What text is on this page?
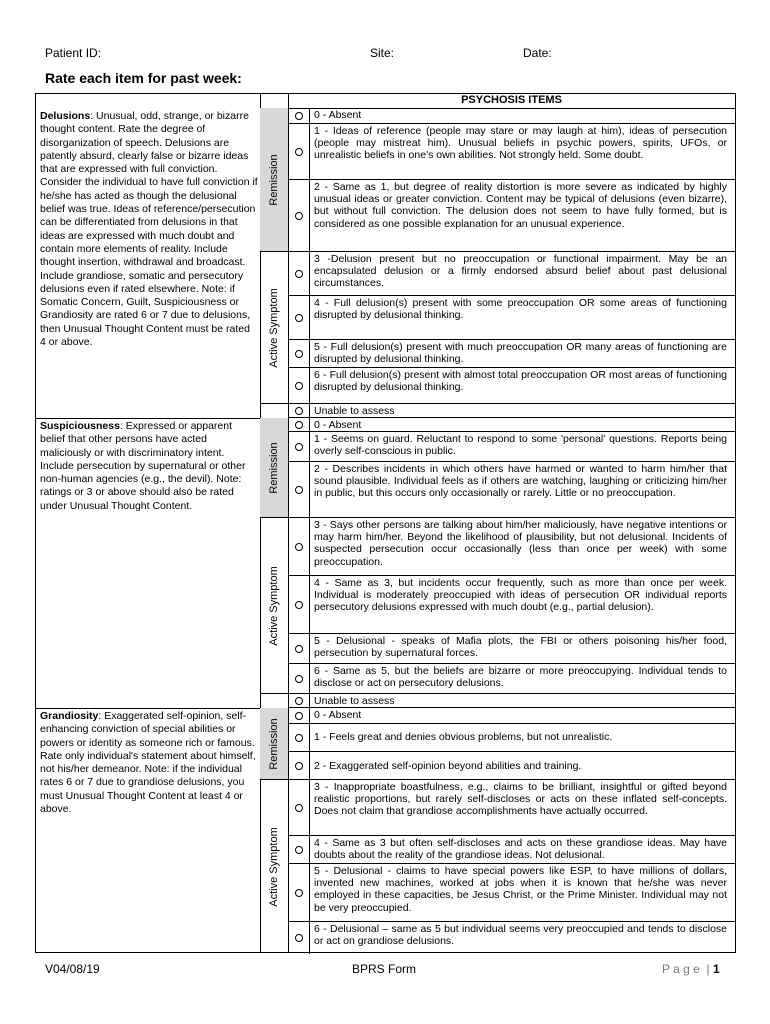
Patient ID:	Site:	Date:
Rate each item for past week:
PSYCHOSIS ITEMS
Delusions: Unusual, odd, strange, or bizarre thought content. Rate the degree of disorganization of speech. Delusions are patently absurd, clearly false or bizarre ideas that are expressed with full conviction. Consider the individual to have full conviction if he/she has acted as though the delusional belief was true. Ideas of reference/persecution can be differentiated from delusions in that ideas are expressed with much doubt and contain more elements of reality. Include thought insertion, withdrawal and broadcast. Include grandiose, somatic and persecutory delusions even if rated elsewhere. Note: if Somatic Concern, Guilt, Suspiciousness or Grandiosity are rated 6 or 7 due to delusions, then Unusual Thought Content must be rated 4 or above.
Remission
Active Symptom
0 - Absent
1 - Ideas of reference (people may stare or may laugh at him), ideas of persecution (people may mistreat him). Unusual beliefs in psychic powers, spirits, UFOs, or unrealistic beliefs in one's own abilities. Not strongly held. Some doubt.
2 - Same as 1, but degree of reality distortion is more severe as indicated by highly unusual ideas or greater conviction. Content may be typical of delusions (even bizarre), but without full conviction. The delusion does not seem to have fully formed, but is considered as one possible explanation for an unusual experience.
3 -Delusion present but no preoccupation or functional impairment. May be an encapsulated delusion or a firmly endorsed absurd belief about past delusional circumstances.
4 - Full delusion(s) present with some preoccupation OR some areas of functioning disrupted by delusional thinking.
5 - Full delusion(s) present with much preoccupation OR many areas of functioning are disrupted by delusional thinking.
6 - Full delusion(s) present with almost total preoccupation OR most areas of functioning disrupted by delusional thinking.
Unable to assess
Suspiciousness: Expressed or apparent belief that other persons have acted maliciously or with discriminatory intent. Include persecution by supernatural or other non-human agencies (e.g., the devil). Note: ratings or 3 or above should also be rated under Unusual Thought Content.
Remission
Active Symptom
0 - Absent
1 - Seems on guard. Reluctant to respond to some 'personal' questions. Reports being overly self-conscious in public.
2 - Describes incidents in which others have harmed or wanted to harm him/her that sound plausible. Individual feels as if others are watching, laughing or criticizing him/her in public, but this occurs only occasionally or rarely. Little or no preoccupation.
3 - Says other persons are talking about him/her maliciously, have negative intentions or may harm him/her. Beyond the likelihood of plausibility, but not delusional. Incidents of suspected persecution occur occasionally (less than once per week) with some preoccupation.
4 - Same as 3, but incidents occur frequently, such as more than once per week. Individual is moderately preoccupied with ideas of persecution OR individual reports persecutory delusions expressed with much doubt (e.g., partial delusion).
5 - Delusional - speaks of Mafia plots, the FBI or others poisoning his/her food, persecution by supernatural forces.
6 - Same as 5, but the beliefs are bizarre or more preoccupying. Individual tends to disclose or act on persecutory delusions.
Unable to assess
Grandiosity: Exaggerated self-opinion, self-enhancing conviction of special abilities or powers or identity as someone rich or famous. Rate only individual's statement about himself, not his/her demeanor. Note: if the individual rates 6 or 7 due to grandiose delusions, you must Unusual Thought Content at least 4 or above.
Remission
Active Symptom
0 - Absent
1 - Feels great and denies obvious problems, but not unrealistic.
2 - Exaggerated self-opinion beyond abilities and training.
3 - Inappropriate boastfulness, e.g., claims to be brilliant, insightful or gifted beyond realistic proportions, but rarely self-discloses or acts on these inflated self-concepts. Does not claim that grandiose accomplishments have actually occurred.
4 - Same as 3 but often self-discloses and acts on these grandiose ideas. May have doubts about the reality of the grandiose ideas. Not delusional.
5 - Delusional - claims to have special powers like ESP, to have millions of dollars, invented new machines, worked at jobs when it is known that he/she was never employed in these capacities, be Jesus Christ, or the Prime Minister. Individual may not be very preoccupied.
6 - Delusional – same as 5 but individual seems very preoccupied and tends to disclose or act on grandiose delusions.
V04/08/19	BPRS Form	P a g e  | 1
